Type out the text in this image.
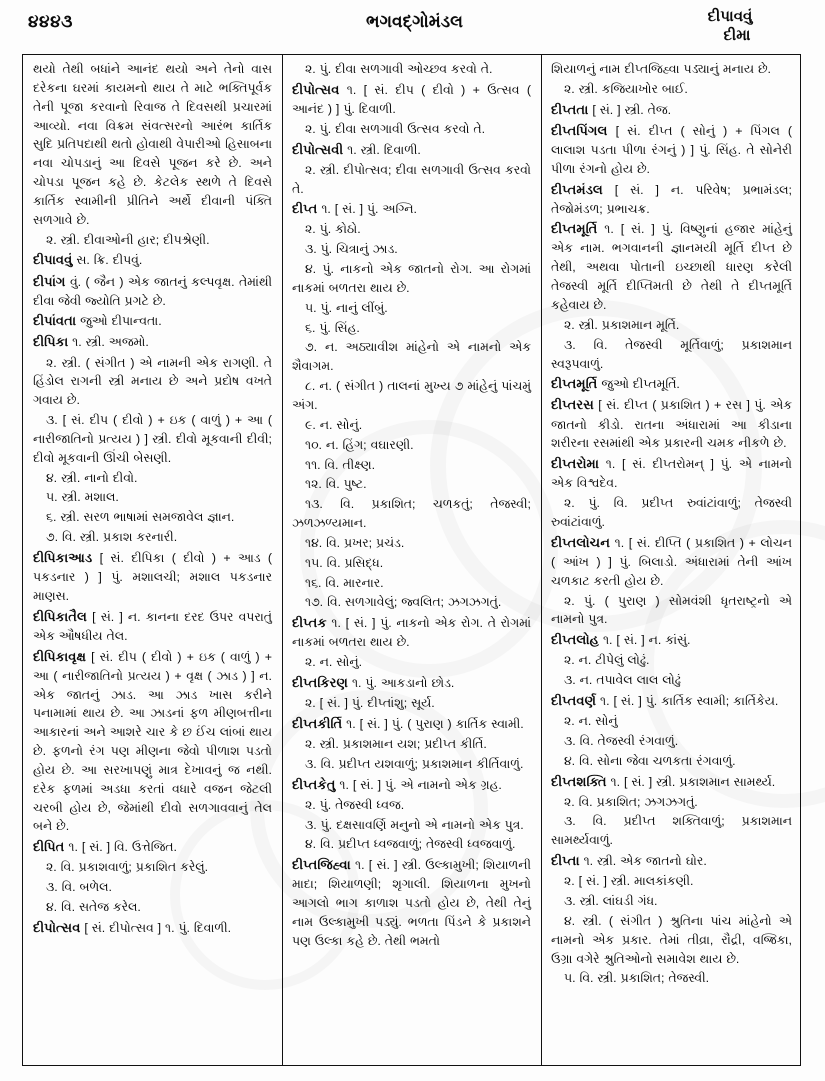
૪૪૪૩	ભગવદ્ગોમંડલ	દીપાવવું
દીમા
થયો તેથી બધાંને આનંદ થયો અને તેનો વાસ દરેકના ઘરમાં કાયમનો થાય તે માટે ભક્તિપૂર્વક તેની પૂજા કરવાનો રિવાજ તે દિવસથી પ્રચારમાં આવ્યો. નવા વિક્રમ સંવત્સરનો આરંભ કાર્તિક સુદિ પ્રતિપદાથી થતો હોવાથી વેપારીઓ હિસાબના નવા ચોપડાનું આ દિવસે પૂજન કરે છે. અને ચોપડા પૂજન કહે છે. કેટલેક સ્થળે તે દિવસે કાર્તિક સ્વામીની પ્રીતિને અર્થે દીવાની પંક્તિ સળગાવે છે.
૨. સ્ત્રી. દીવાઓની હાર; દીપશ્રેણી.
દીપાવવું સ. ક્રિ. દીપવું.
દીપાંગ વું. ( જૈન ) એક જાતનું કલ્પવૃક્ષ. તેમાંથી દીવા જેવી જ્યોતિ પ્રગટે છે.
દીપાંવતા જુઓ દીપાન્વતા.
દીપિકા ૧. સ્ત્રી. અજમો.
૨. સ્ત્રી. ( સંગીત ) એ નામની એક રાગણી. તે હિંડોલ રાગની સ્ત્રી મનાય છે અને પ્રદોષ વખતે ગવાય છે.
૩. [ સં. દીપ ( દીવો ) + ઇક ( વાળું ) + આ ( નારીજાતિનો પ્રત્યય ) ] સ્ત્રી. દીવો મૂકવાની દીવી; દીવો મૂકવાની ઊંચી બેસણી.
૪. સ્ત્રી. નાનો દીવો.
૫. સ્ત્રી. મશાલ.
૬. સ્ત્રી. સરળ ભાષામાં સમજાવેલ જ્ઞાન.
૭. વિ. સ્ત્રી. પ્રકાશ કરનારી.
દીપિકાઆડ [ સં. દીપિકા ( દીવો ) + આડ ( પકડનાર ) ] પું. મશાલચી; મશાલ પકડનાર માણસ.
દીપિકાતૈલ [ સં. ] ન. કાનના દરદ ઉપર વપરાતું એક ઔષધીય તેલ.
દીપિકાવૃક્ષ [ સં. દીપ ( દીવો ) + ઇક ( વાળું ) + આ ( નારીજાતિનો પ્રત્યય ) + વૃક્ષ ( ઝાડ ) ] ન. એક જાતનું ઝાડ. આ ઝાડ ખાસ કરીને પનામામાં થાય છે. આ ઝાડનાં ફળ મીણબત્તીના આકારનાં અને આશરે ચાર કે છ ઈંચ લાંબાં થાય છે. ફળનો રંગ પણ મીણના જેવો પીળાશ પડતો હોય છે. આ સરખાપણું માત્ર દેખાવનું જ નથી. દરેક ફળમાં અડધા કરતાં વધારે વજન જેટલી ચરબી હોય છે, જેમાંથી દીવો સળગાવવાનું તેલ બને છે.
દીપિત ૧. [ સં. ] વિ. ઉત્તેજિત.
૨. વિ. પ્રકાશવાળું; પ્રકાશિત કરેલું.
૩. વિ. બળેલ.
૪. વિ. સતેજ કરેલ.
દીપોત્સવ [ સં. દીપોત્સવ ] ૧. પું. દિવાળી.
૨. પું. દીવા સળગાવી ઓચ્છવ કરવો તે.
દીપોત્સવ ૧. [ સં. દીપ ( દીવો ) + ઉત્સવ ( આનંદ ) ] પું. દિવાળી.
૨. પું. દીવા સળગાવી ઉત્સવ કરવો તે.
દીપોત્સવી ૧. સ્ત્રી. દિવાળી.
૨. સ્ત્રી. દીપોત્સવ; દીવા સળગાવી ઉત્સવ કરવો તે.
દીપ્ત ૧. [ સં. ] પું. અગ્નિ.
૨. પું. કોઠો.
૩. પું. ચિત્રાનું ઝાડ.
૪. પું. નાકનો એક જાતનો રોગ. આ રોગમાં નાકમાં બળતરા થાય છે.
૫. પું. નાનું લીંબું.
૬. પું. સિંહ.
૭. ન. અઠ્યાવીશ માંહેનો એ નામનો એક શૈવાગમ.
૮. ન. ( સંગીત ) તાલનાં મુખ્ય ૭ માંહેનું પાંચમું અંગ.
૯. ન. સોનું.
૧૦. ન. હિંગ; વઘારણી.
૧૧. વિ. તીક્ષ્ણ.
૧૨. વિ. પુષ્ટ.
૧૩. વિ. પ્રકાશિત; ચળકતું; તેજસ્વી; ઝળઝળ્યમાન.
૧૪. વિ. પ્રખર; પ્રચંડ.
૧૫. વિ. પ્રસિદ્ધ.
૧૬. વિ. મારનાર.
૧૭. વિ. સળગાવેલું; જ્વલિત; ઝગઝગતું.
દીપ્તક ૧. [ સં. ] પું. નાકનો એક રોગ. તે રોગમાં નાકમાં બળતરા થાય છે.
૨. ન. સોનું.
દીપ્તકિરણ ૧. પું. આકડાનો છોડ.
૨. [ સં. ] પું. દીપ્તાંશુ; સૂર્ય.
દીપ્તકીર્તિ ૧. [ સં. ] પું. ( પુરાણ ) કાર્તિક સ્વામી.
૨. સ્ત્રી. પ્રકાશમાન યશ; પ્રદીપ્ત કીર્તિ.
૩. વિ. પ્રદીપ્ત યશવાળું; પ્રકાશમાન કીર્તિવાળું.
દીપ્તકેતુ ૧. [ સં. ] પું. એ નામનો એક ગ્રહ.
૨. પું. તેજસ્વી ધ્વજ.
૩. પું. દક્ષસાવર્ણિ મનુનો એ નામનો એક પુત્ર.
૪. વિ. પ્રદીપ્ત ધ્વજવાળું; તેજસ્વી ધ્વજવાળું.
દીપ્તજિહ્વા ૧. [ સં. ] સ્ત્રી. ઉલ્કામુખી; શિયાળની માદા; શિયાળણી; શૃગાલી. શિયાળના મુખનો આગલો ભાગ કાળાશ પડતો હોય છે, તેથી તેનું નામ ઉલ્કામુખી પડ્યું. ભળતા પિંડને કે પ્રકાશને પણ ઉલ્કા કહે છે. તેથી ભમતો
શિયાળનું નામ દીપ્તજિહ્વા પડ્યાનું મનાય છે.
૨. સ્ત્રી. કજિયાખોર બાઈ.
દીપ્તતા [ સં. ] સ્ત્રી. તેજ.
દીપ્તપિંગલ [ સં. દીપ્ત ( સોનું ) + પિંગલ ( લાલાશ પડતા પીળા રંગનું ) ] પું. સિંહ. તે સોનેરી પીળા રંગનો હોય છે.
દીપ્તમંડલ [ સં. ] ન. પરિવેષ; પ્રભામંડલ; તેજોમંડળ; પ્રભાચક્ર.
દીપ્તમૂર્તિ ૧. [ સં. ] પું. વિષ્ણુનાં હજાર માંહેનું એક નામ. ભગવાનની જ્ઞાનમયી મૂર્તિ દીપ્ત છે તેથી, અથવા પોતાની ઇચ્છાથી ધારણ કરેલી તેજસ્વી મૂર્તિ દીપ્તિમતી છે તેથી તે દીપ્તમૂર્તિ કહેવાય છે.
૨. સ્ત્રી. પ્રકાશમાન મૂર્તિ.
૩. વિ. તેજસ્વી મૂર્તિવાળું; પ્રકાશમાન સ્વરૂપવાળું.
દીપ્તમૂર્તિ જુઓ દીપ્તમૂર્તિ.
દીપ્તરસ [ સં. દીપ્ત ( પ્રકાશિત ) + રસ ] પું. એક જાતનો કીડો. રાતના અંધારામાં આ કીડાના શરીરના રસમાંથી એક પ્રકારની ચમક નીકળે છે.
દીપ્તરોમા ૧. [ સં. દીપ્તરોમન્ ] પું. એ નામનો એક વિશ્વદેવ.
૨. પું. વિ. પ્રદીપ્ત રુવાંટાંવાળું; તેજસ્વી રુવાંટાંવાળું.
દીપ્તલોચન ૧. [ સં. દીપ્તિ ( પ્રકાશિત ) + લોચન ( આંખ ) ] પું. બિલાડો. અંધારામાં તેની આંખ ચળકાટ કરતી હોય છે.
૨. પું. ( પુરાણ ) સોમવંશી ધૃતરાષ્ટ્રનો એ નામનો પુત્ર.
દીપ્તલોહ ૧. [ સં. ] ન. કાંસું.
૨. ન. ટીપેલું લોઢું.
૩. ન. તપાવેલ લાલ લોઢું
દીપ્તવર્ણ ૧. [ સં. ] પું. કાર્તિક સ્વામી; કાર્તિકેય.
૨. ન. સોનું
૩. વિ. તેજસ્વી રંગવાળું.
૪. વિ. સોના જેવા ચળકતા રંગવાળું.
દીપ્તશક્તિ ૧. [ સં. ] સ્ત્રી. પ્રકાશમાન સામર્થ્ય.
૨. વિ. પ્રકાશિત; ઝગઝગતું.
૩. વિ. પ્રદીપ્ત શક્તિવાળું; પ્રકાશમાન સામર્થ્યવાળું.
દીપ્તા ૧. સ્ત્રી. એક જાતનો ઘોર.
૨. [ સં. ] સ્ત્રી. માલકાંકણી.
૩. સ્ત્રી. લાંઘડી ગંધ.
૪. સ્ત્રી. ( સંગીત ) શ્રુતિના પાંચ માંહેનો એ નામનો એક પ્રકાર. તેમાં તીવ્રા, રૌદ્રી, વજ્રિકા, ઉગ્રા વગેરે શ્રુતિઓનો સમાવેશ થાય છે.
૫. વિ. સ્ત્રી. પ્રકાશિત; તેજસ્વી.
